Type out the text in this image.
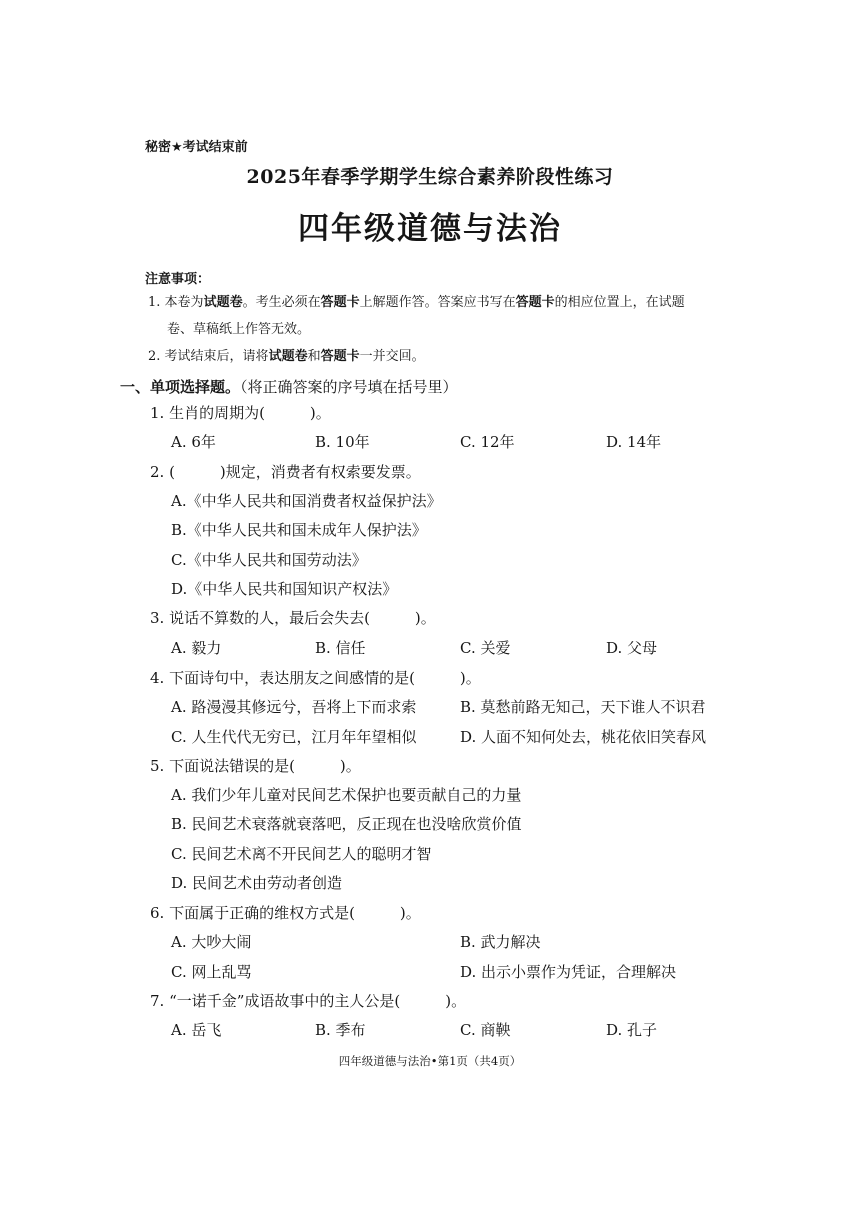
秘密★考试结束前
2025年春季学期学生综合素养阶段性练习
四年级道德与法治
注意事项：
1. 本卷为试题卷。考生必须在答题卡上解题作答。答案应书写在答题卡的相应位置上，在试题
卷、草稿纸上作答无效。
2. 考试结束后，请将试题卷和答题卡一并交回。
一、单项选择题。（将正确答案的序号填在括号里）
1. 生肖的周期为(　　　)。
A. 6年	B. 10年	C. 12年	D. 14年
2. (　　　)规定，消费者有权索要发票。
A.《中华人民共和国消费者权益保护法》
B.《中华人民共和国未成年人保护法》
C.《中华人民共和国劳动法》
D.《中华人民共和国知识产权法》
3. 说话不算数的人，最后会失去(　　　)。
A. 毅力	B. 信任	C. 关爱	D. 父母
4. 下面诗句中，表达朋友之间感情的是(　　　)。
A. 路漫漫其修远兮，吾将上下而求索	B. 莫愁前路无知己，天下谁人不识君
C. 人生代代无穷已，江月年年望相似	D. 人面不知何处去，桃花依旧笑春风
5. 下面说法错误的是(　　　)。
A. 我们少年儿童对民间艺术保护也要贡献自己的力量
B. 民间艺术衰落就衰落吧，反正现在也没啥欣赏价值
C. 民间艺术离不开民间艺人的聪明才智
D. 民间艺术由劳动者创造
6. 下面属于正确的维权方式是(　　　)。
A. 大吵大闹	B. 武力解决
C. 网上乱骂	D. 出示小票作为凭证，合理解决
7. “一诺千金”成语故事中的主人公是(　　　)。
A. 岳飞	B. 季布	C. 商鞅	D. 孔子
四年级道德与法治•第1页（共4页）
